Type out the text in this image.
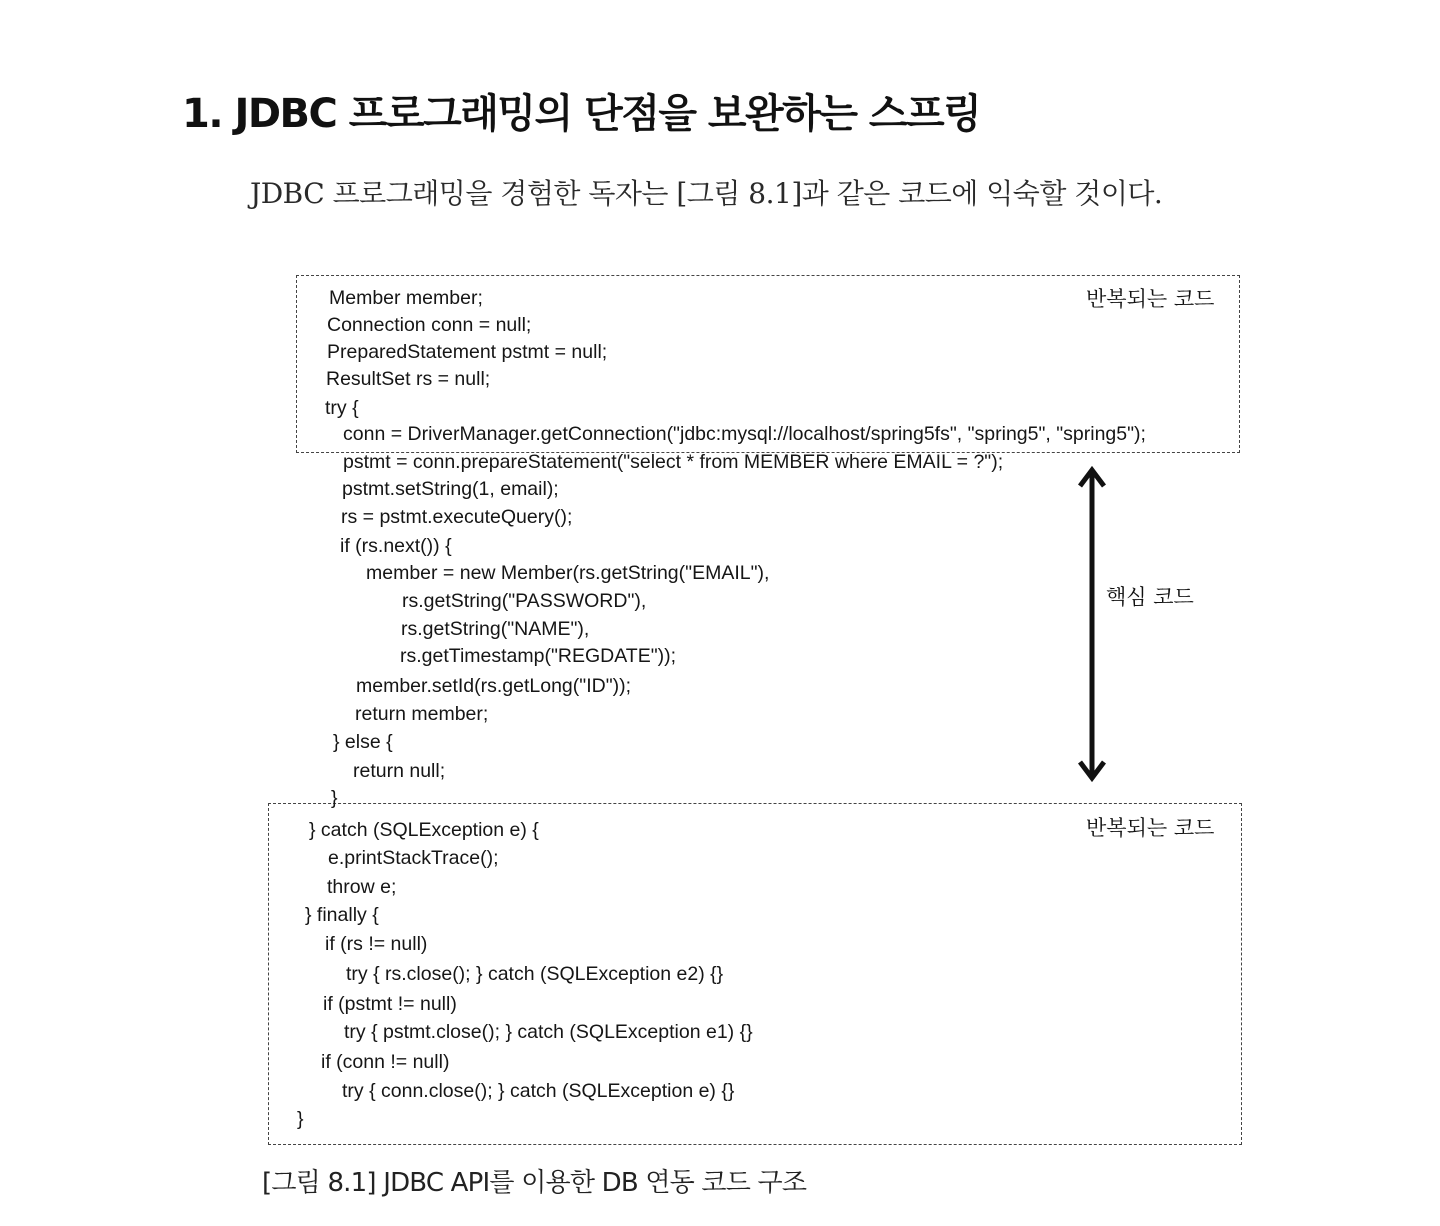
1. JDBC 프로그래밍의 단점을 보완하는 스프링
JDBC 프로그래밍을 경험한 독자는 [그림 8.1]과 같은 코드에 익숙할 것이다.
반복되는 코드
반복되는 코드
Member member;
Connection conn = null;
PreparedStatement pstmt = null;
ResultSet rs = null;
try {
conn = DriverManager.getConnection("jdbc:mysql://localhost/spring5fs", "spring5", "spring5");
pstmt = conn.prepareStatement("select * from MEMBER where EMAIL = ?");
pstmt.setString(1, email);
rs = pstmt.executeQuery();
if (rs.next()) {
member = new Member(rs.getString("EMAIL"),
rs.getString("PASSWORD"),
rs.getString("NAME"),
rs.getTimestamp("REGDATE"));
member.setId(rs.getLong("ID"));
return member;
} else {
return null;
}
} catch (SQLException e) {
e.printStackTrace();
throw e;
} finally {
if (rs != null)
try { rs.close(); } catch (SQLException e2) {}
if (pstmt != null)
try { pstmt.close(); } catch (SQLException e1) {}
if (conn != null)
try { conn.close(); } catch (SQLException e) {}
}
핵심 코드
[그림 8.1] JDBC API를 이용한 DB 연동 코드 구조
